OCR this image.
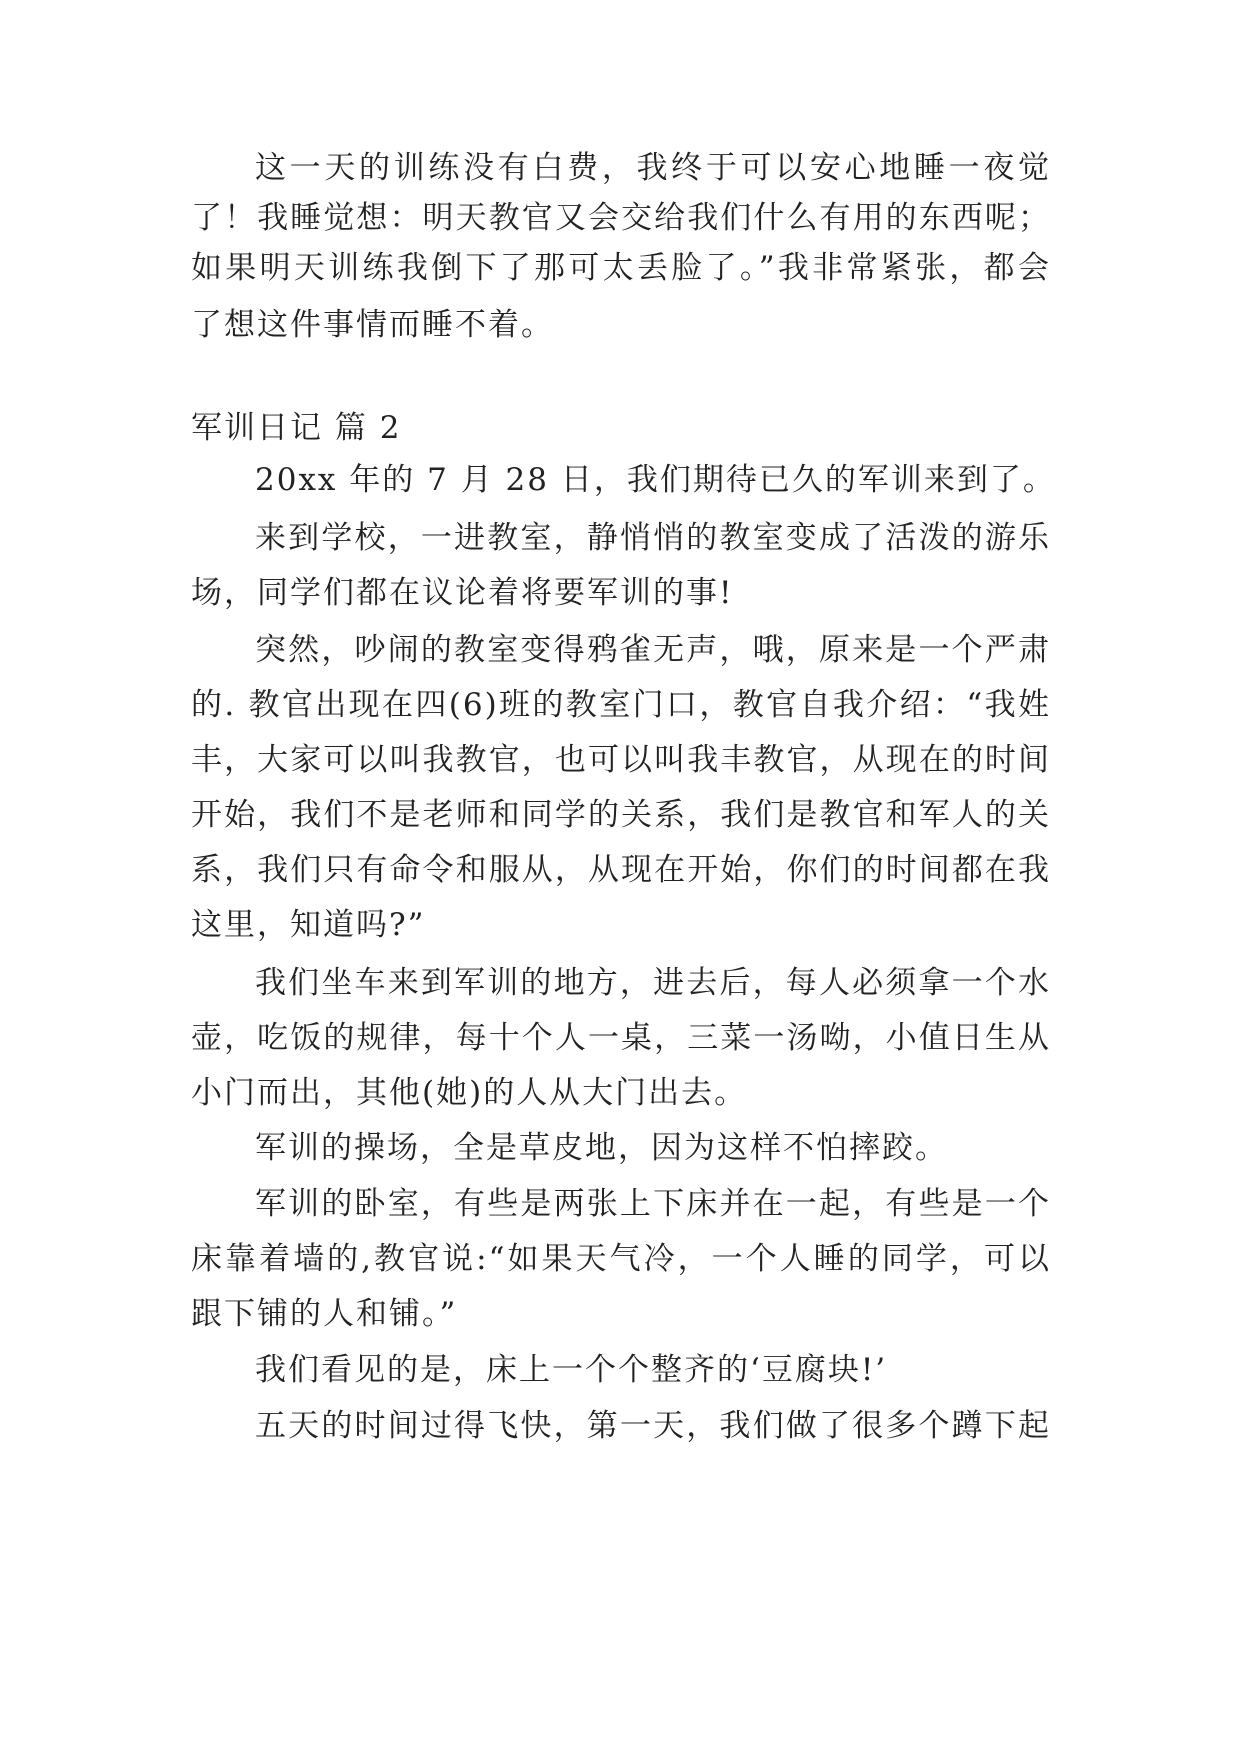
这一天的训练没有白费，我终于可以安心地睡一夜觉
了！我睡觉想：明天教官又会交给我们什么有用的东西呢；
如果明天训练我倒下了那可太丢脸了。”我非常紧张，都会
了想这件事情而睡不着。
军训日记 篇 2
20xx 年的 7 月 28 日，我们期待已久的军训来到了。
来到学校，一进教室，静悄悄的教室变成了活泼的游乐
场，同学们都在议论着将要军训的事!
突然，吵闹的教室变得鸦雀无声，哦，原来是一个严肃
的. 教官出现在四(6)班的教室门口，教官自我介绍：“我姓
丰，大家可以叫我教官，也可以叫我丰教官，从现在的时间
开始，我们不是老师和同学的关系，我们是教官和军人的关
系，我们只有命令和服从，从现在开始，你们的时间都在我
这里，知道吗?”
我们坐车来到军训的地方，进去后，每人必须拿一个水
壶，吃饭的规律，每十个人一桌，三菜一汤呦，小值日生从
小门而出，其他(她)的人从大门出去。
军训的操场，全是草皮地，因为这样不怕摔跤。
军训的卧室，有些是两张上下床并在一起，有些是一个
床靠着墙的,教官说:“如果天气冷，一个人睡的同学，可以
跟下铺的人和铺。”
我们看见的是，床上一个个整齐的‘豆腐块!’
五天的时间过得飞快，第一天，我们做了很多个蹲下起
